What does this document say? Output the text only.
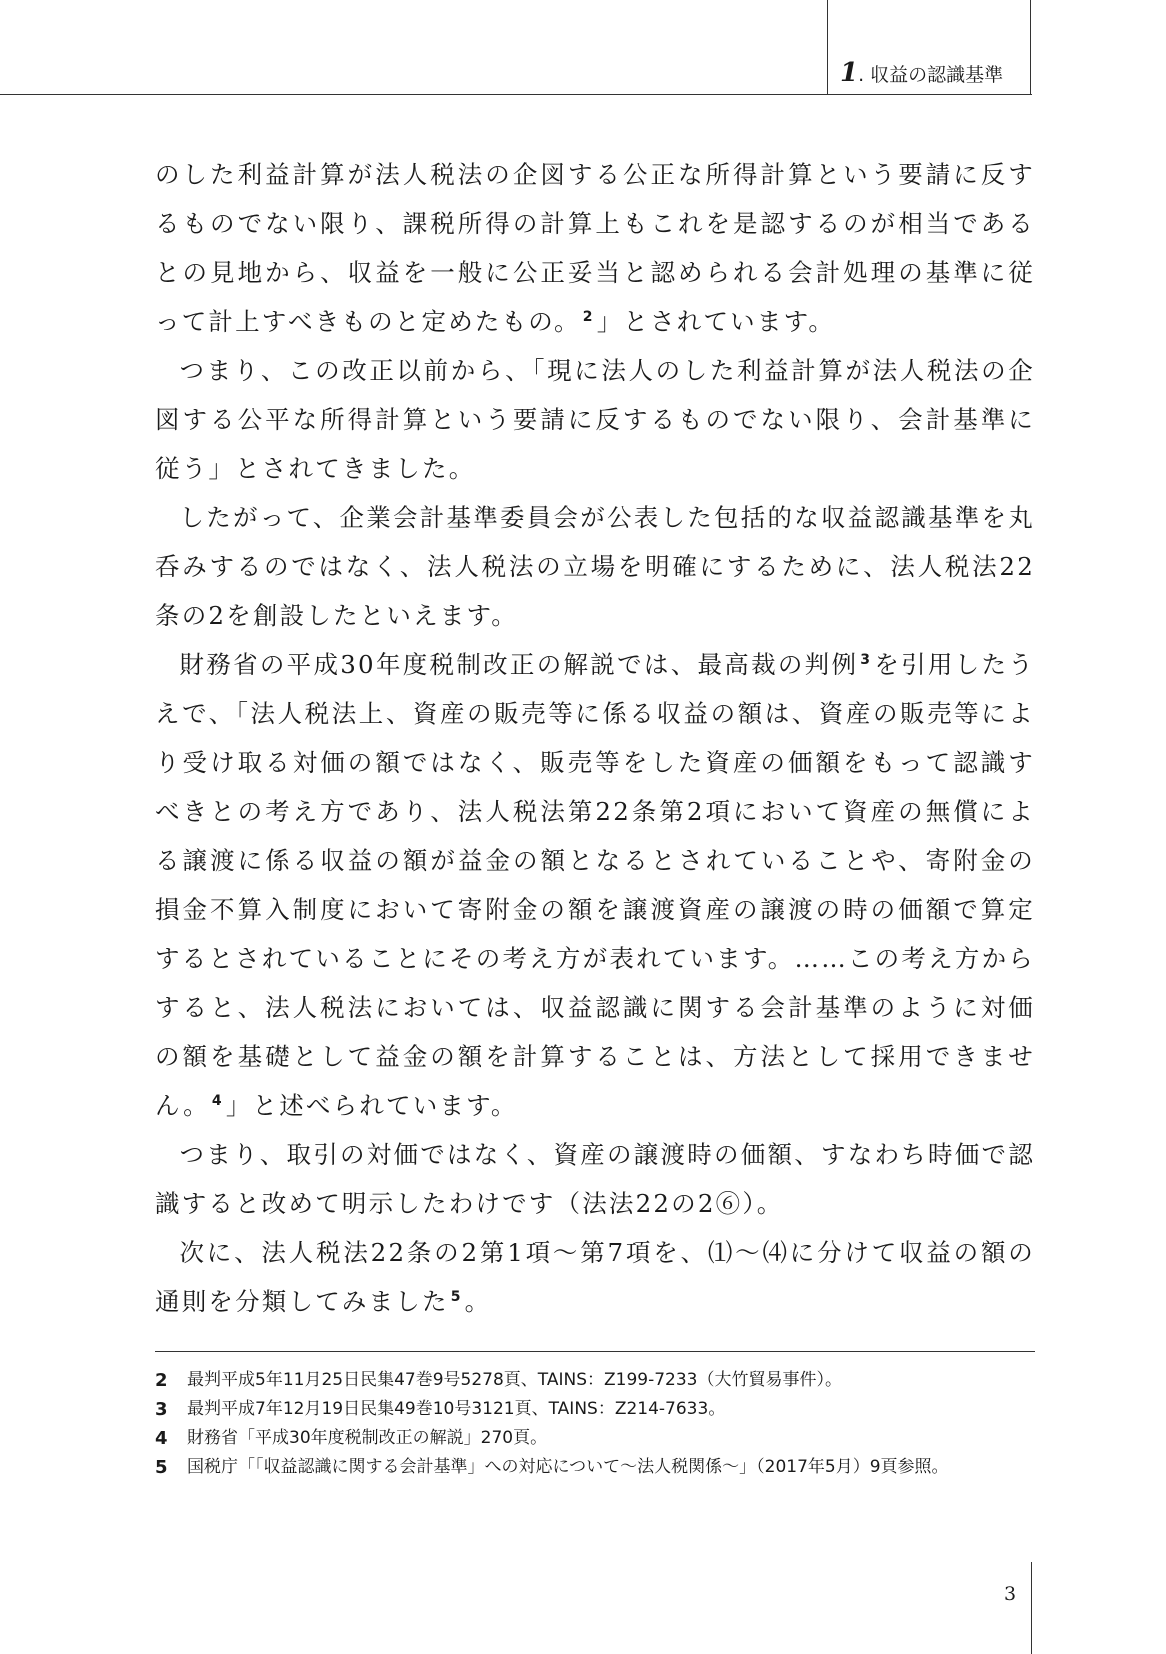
1. 収益の認識基準

のした利益計算が法人税法の企図する公正な所得計算という要請に反するものでない限り、課税所得の計算上もこれを是認するのが相当であるとの見地から、収益を一般に公正妥当と認められる会計処理の基準に従って計上すべきものと定めたもの。 $^2$」とされています。

つまり、この改正以前から、「現に法人のした利益計算が法人税法の企図する公平な所得計算という要請に反するものでない限り、会計基準に従う」とされてきました。

したがって、企業会計基準委員会が公表した包括的な収益認識基準を丸呑みするのではなく、法人税法の立場を明確にするために、法人税法22条の2を創設したといえます。

財務省の平成30年度税制改正の解説では、最高裁の判例 $^3$を引用したうえで、「法人税法上、資産の販売等に係る収益の額は、資産の販売等により受け取る対価の額ではなく、販売等をした資産の価額をもって認識すべきとの考え方であり、法人税法第22条第2項において資産の無償による譲渡に係る収益の額が益金の額となるとされていることや、寄附金の損金不算入制度において寄附金の額を譲渡資産の譲渡の時の価額で算定するとされていることにその考え方が表れています。……この考え方からすると、法人税法においては、収益認識に関する会計基準のように対価の額を基礎として益金の額を計算することは、方法として採用できません。 $^4$」と述べられています。

つまり、取引の対価ではなく、資産の譲渡時の価額、すなわち時価で認識すると改めて明示したわけです（法法22の2⑥）。

次に、法人税法22条の2第1項～第7項を、⑴～⑷に分けて収益の額の通則を分類してみました $^5$。

2 最判平成5年11月25日民集47巻9号5278頁、TAINS：Z199-7233（大竹貿易事件）。
3 最判平成7年12月19日民集49巻10号3121頁、TAINS：Z214-7633。
4 財務省「平成30年度税制改正の解説」270頁。
5 国税庁「「収益認識に関する会計基準」への対応について～法人税関係～」（2017年5月）9頁参照。
3
